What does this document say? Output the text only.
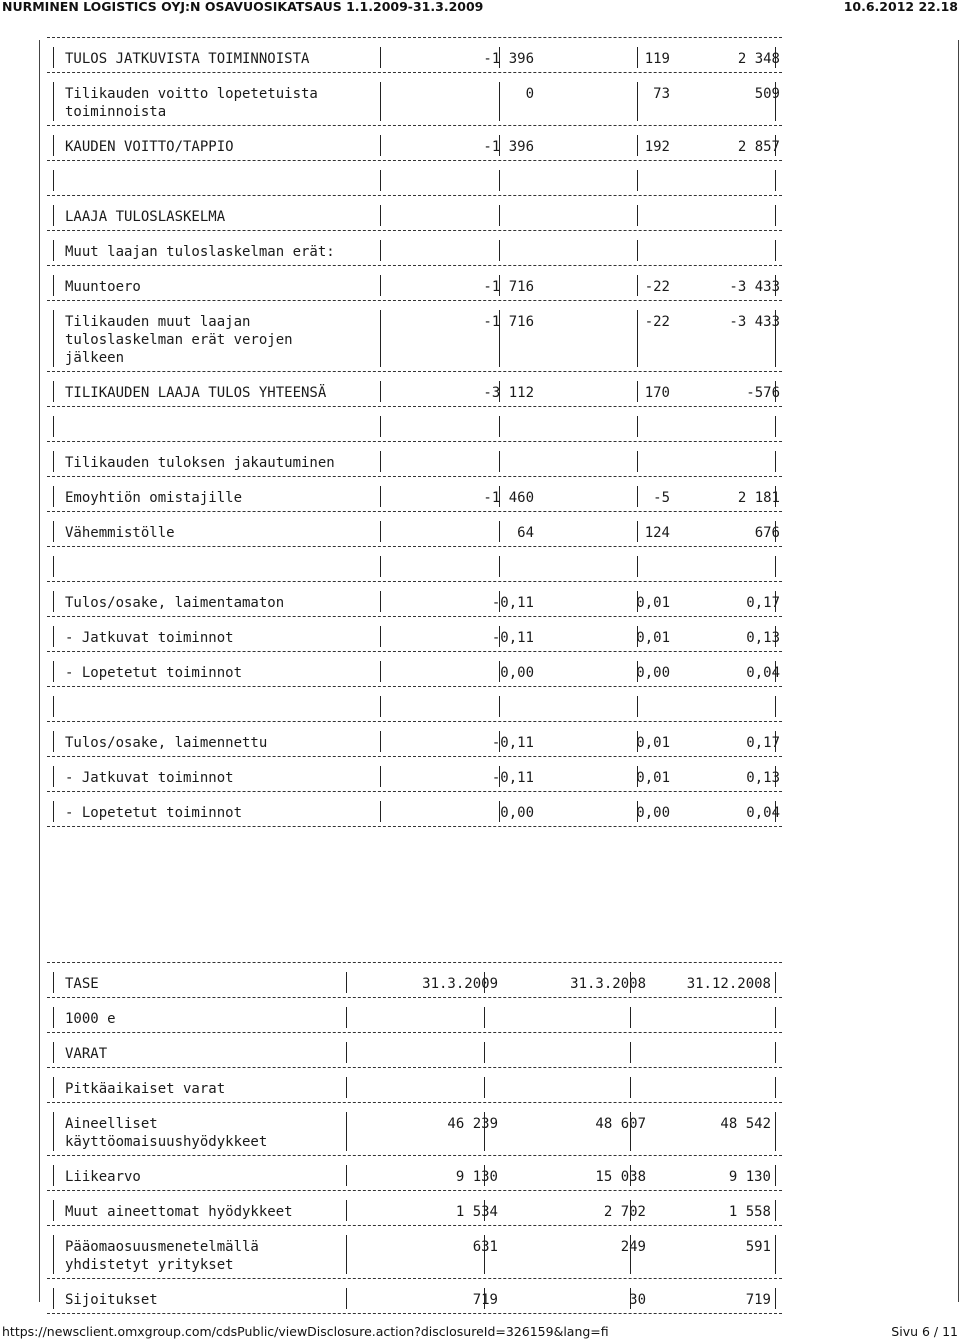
NURMINEN LOGISTICS OYJ:N OSAVUOSIKATSAUS 1.1.2009-31.3.2009	10.6.2012 22.18
TULOS JATKUVISTA TOIMINNOISTA	-1 396	119	2 348
Tilikauden voitto lopetetuista
toiminnoista
0	73	509
KAUDEN VOITTO/TAPPIO	-1 396	192	2 857
LAAJA TULOSLASKELMA
Muut laajan tuloslaskelman erät:
Muuntoero	-1 716	-22	-3 433
Tilikauden muut laajan
tuloslaskelman erät verojen
jälkeen
-1 716	-22	-3 433
TILIKAUDEN LAAJA TULOS YHTEENSÄ	-3 112	170	-576
Tilikauden tuloksen jakautuminen
Emoyhtiön omistajille	-1 460	-5	2 181
Vähemmistölle	64	124	676
Tulos/osake, laimentamaton	-0,11	0,01	0,17
- Jatkuvat toiminnot	-0,11	0,01	0,13
- Lopetetut toiminnot	0,00	0,00	0,04
Tulos/osake, laimennettu	-0,11	0,01	0,17
- Jatkuvat toiminnot	-0,11	0,01	0,13
- Lopetetut toiminnot	0,00	0,00	0,04
TASE	31.3.2009	31.3.2008	31.12.2008
1000 e
VARAT
Pitkäaikaiset varat
Aineelliset
käyttöomaisuushyödykkeet
46 239	48 607	48 542
Liikearvo	9 130	15 038	9 130
Muut aineettomat hyödykkeet	1 534	2 702	1 558
Pääomaosuusmenetelmällä
yhdistetyt yritykset
631	249	591
Sijoitukset	719	30	719
https://newsclient.omxgroup.com/cdsPublic/viewDisclosure.action?disclosureId=326159&lang=fi	Sivu 6 / 11
